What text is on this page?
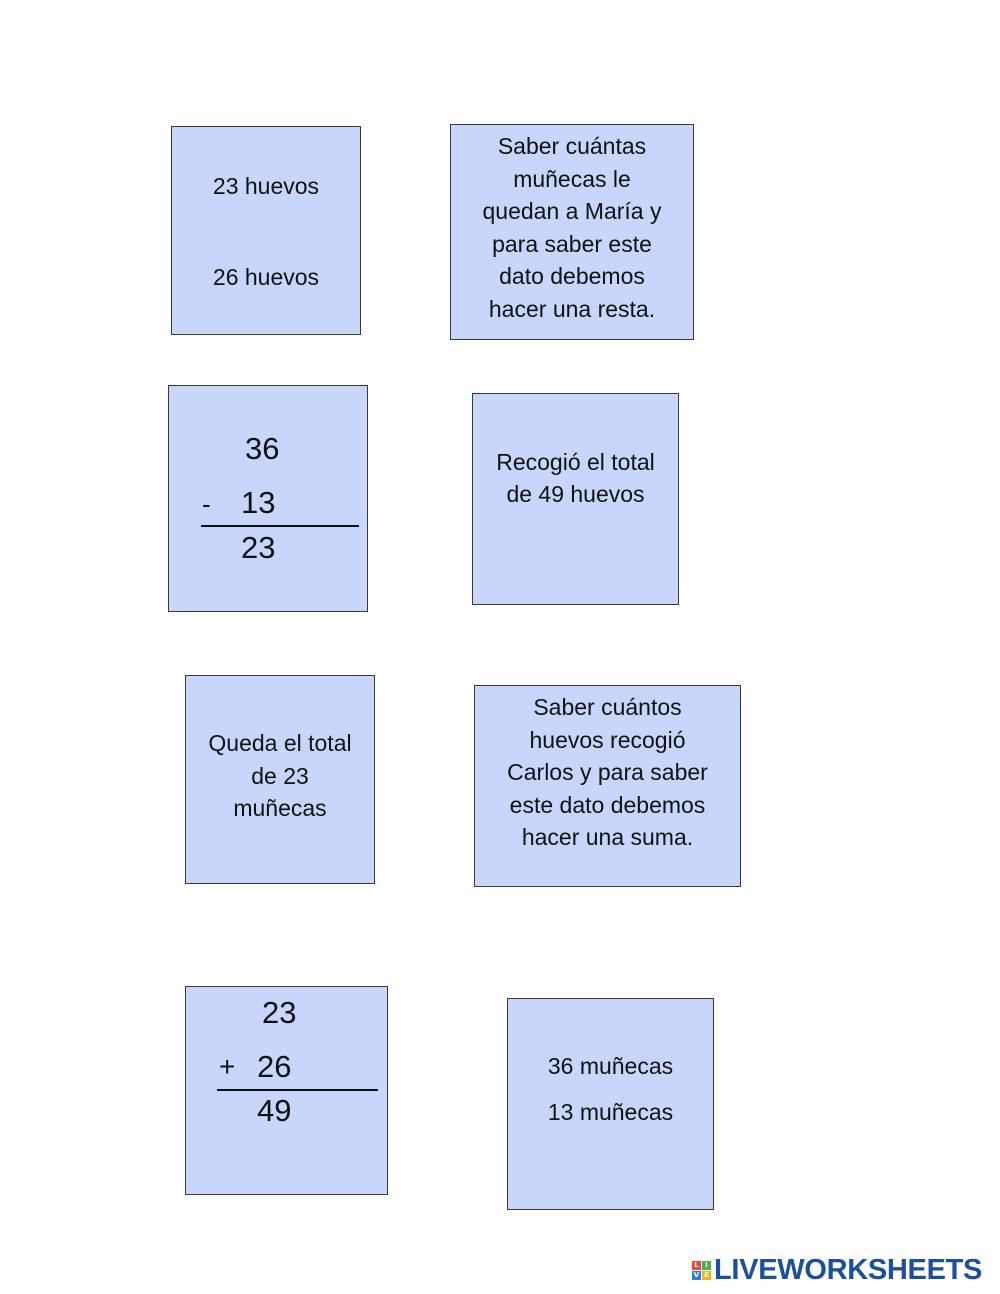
23 huevos
26 huevos
Saber cuántas
muñecas le
quedan a María y
para saber este
dato debemos
hacer una resta.
36
- 13
23
Recogió el total
de 49 huevos
Queda el total
de 23
muñecas
Saber cuántos
huevos recogió
Carlos y para saber
este dato debemos
hacer una suma.
23
+ 26
49
36 muñecas
13 muñecas
L i
V E LIVEWORKSHEETS
